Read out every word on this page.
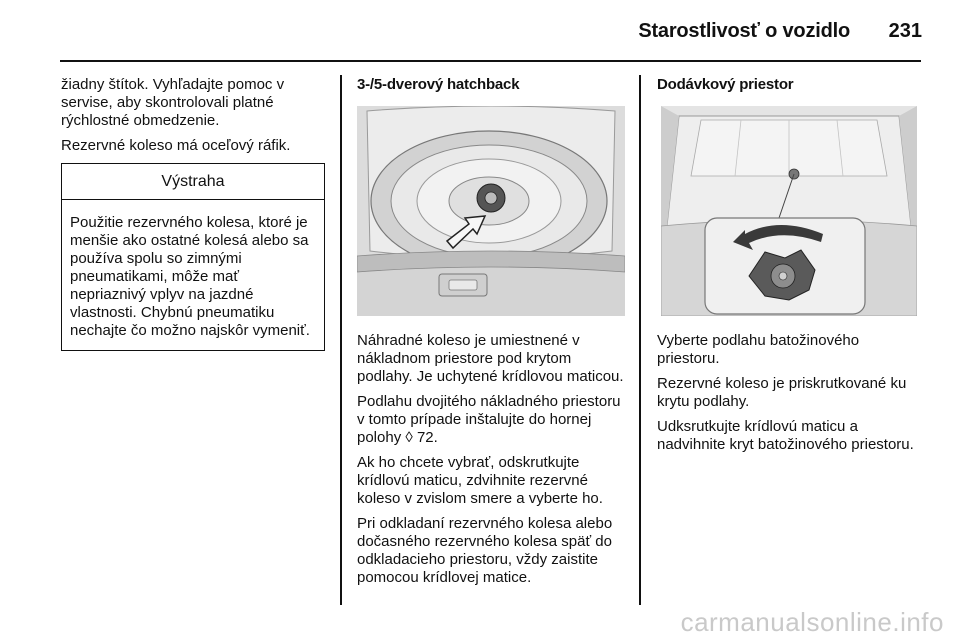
Starostlivosť o vozidlo	231

žiadny štítok. Vyhľadajte pomoc v servise, aby skontrolovali platné rýchlostné obmedzenie.

Rezervné koleso má oceľový ráfik.

Výstraha
Použitie rezervného kolesa, ktoré je menšie ako ostatné kolesá alebo sa používa spolu so zimnými pneumatikami, môže mať nepriaznivý vplyv na jazdné vlastnosti. Chybnú pneumatiku nechajte čo možno najskôr vymeniť.
3-/5-dverový hatchback

Náhradné koleso je umiestnené v nákladnom priestore pod krytom podlahy. Je uchytené krídlovou maticou.

Podlahu dvojitého nákladného priestoru v tomto prípade inštalujte do hornej polohy ◊ 72.

Ak ho chcete vybrať, odskrutkujte krídlovú maticu, zdvihnite rezervné koleso v zvislom smere a vyberte ho.

Pri odkladaní rezervného kolesa alebo dočasného rezervného kolesa späť do odkladacieho priestoru, vždy zaistite pomocou krídlovej matice.

Dodávkový priestor

Vyberte podlahu batožinového priestoru.

Rezervné koleso je priskrutkované ku krytu podlahy.

Udksrutkujte krídlovú maticu a nadvihnite kryt batožinového priestoru.

carmanualsonline.info
